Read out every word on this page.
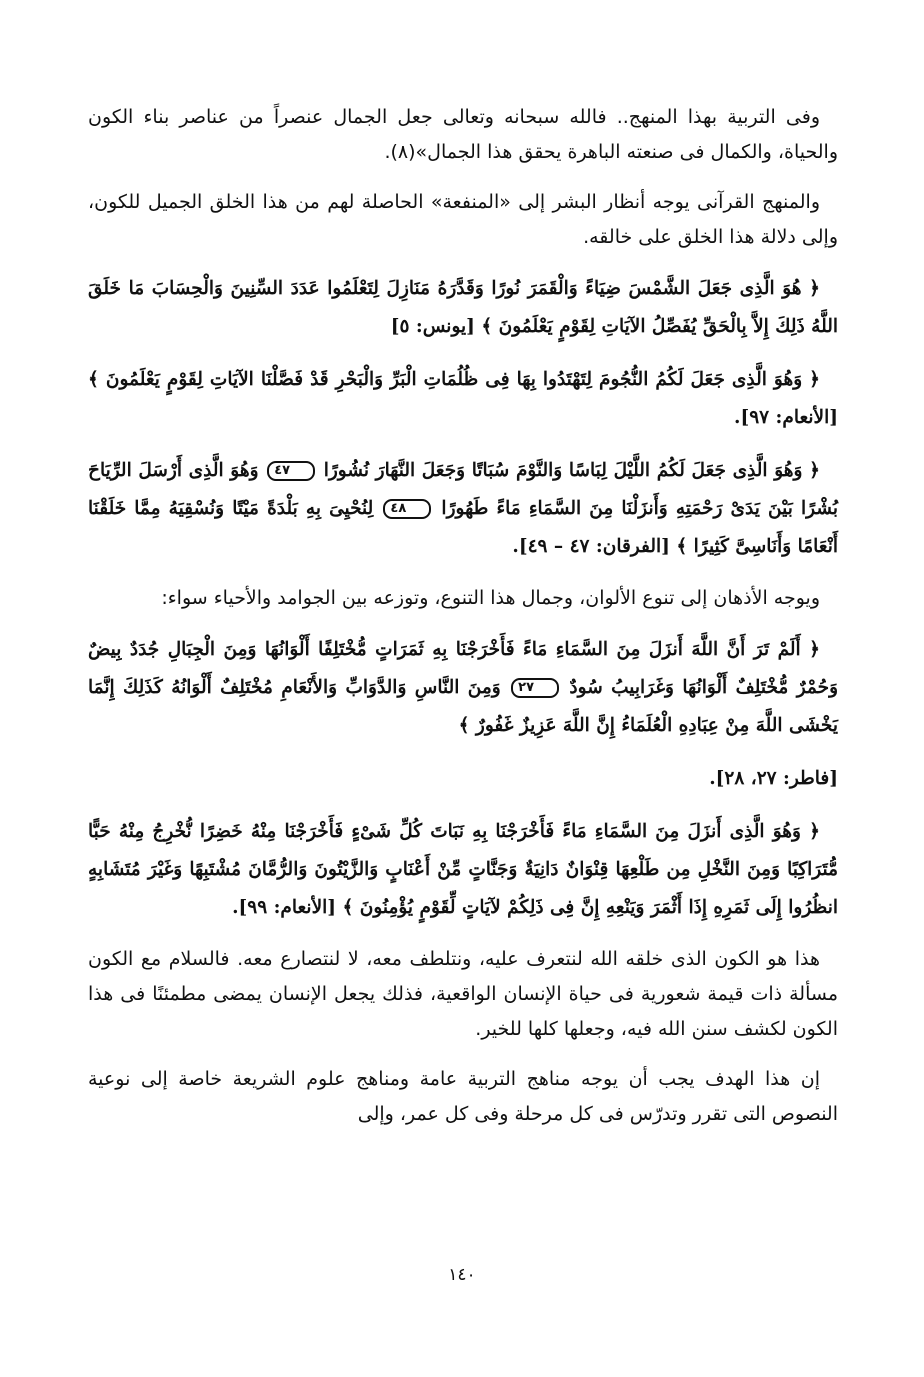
وفى التربية بهذا المنهج.. فالله سبحانه وتعالى جعل الجمال عنصراً من عناصر بناء الكون والحياة، والكمال فى صنعته الباهرة يحقق هذا الجمال»(٨).

والمنهج القرآنى يوجه أنظار البشر إلى «المنفعة» الحاصلة لهم من هذا الخلق الجميل للكون، وإلى دلالة هذا الخلق على خالقه.

﴿ هُوَ الَّذِى جَعَلَ الشَّمْسَ ضِيَاءً وَالْقَمَرَ نُورًا وَقَدَّرَهُ مَنَازِلَ لِتَعْلَمُوا عَدَدَ السِّنِينَ وَالْحِسَابَ مَا خَلَقَ اللَّهُ ذَلِكَ إِلاَّ بِالْحَقِّ يُفَصِّلُ الآيَاتِ لِقَوْمٍ يَعْلَمُونَ ﴾ [يونس: ٥]

﴿ وَهُوَ الَّذِى جَعَلَ لَكُمُ النُّجُومَ لِتَهْتَدُوا بِهَا فِى ظُلُمَاتِ الْبَرِّ وَالْبَحْرِ قَدْ فَصَّلْنَا الآيَاتِ لِقَوْمٍ يَعْلَمُونَ ﴾ [الأنعام: ٩٧].

﴿ وَهُوَ الَّذِى جَعَلَ لَكُمُ اللَّيْلَ لِبَاسًا وَالنَّوْمَ سُبَاتًا وَجَعَلَ النَّهَارَ نُشُورًا ٤٧ وَهُوَ الَّذِى أَرْسَلَ الرِّيَاحَ بُشْرًا بَيْنَ يَدَىْ رَحْمَتِهِ وَأَنزَلْنَا مِنَ السَّمَاءِ مَاءً طَهُورًا ٤٨ لِنُحْيِىَ بِهِ بَلْدَةً مَيْتًا وَنُسْقِيَهُ مِمَّا خَلَقْنَا أَنْعَامًا وَأَنَاسِىَّ كَثِيرًا ﴾ [الفرقان: ٤٧ – ٤٩].

ويوجه الأذهان إلى تنوع الألوان، وجمال هذا التنوع، وتوزعه بين الجوامد والأحياء سواء:

﴿ أَلَمْ تَرَ أَنَّ اللَّهَ أَنزَلَ مِنَ السَّمَاءِ مَاءً فَأَخْرَجْنَا بِهِ ثَمَرَاتٍ مُّخْتَلِفًا أَلْوَانُهَا وَمِنَ الْجِبَالِ جُدَدٌ بِيضٌ وَحُمْرٌ مُّخْتَلِفٌ أَلْوَانُهَا وَغَرَابِيبُ سُودٌ ٢٧ وَمِنَ النَّاسِ وَالدَّوَابِّ وَالأَنْعَامِ مُخْتَلِفٌ أَلْوَانُهُ كَذَلِكَ إِنَّمَا يَخْشَى اللَّهَ مِنْ عِبَادِهِ الْعُلَمَاءُ إِنَّ اللَّهَ عَزِيزٌ غَفُورٌ ﴾

[فاطر: ٢٧، ٢٨].

﴿ وَهُوَ الَّذِى أَنزَلَ مِنَ السَّمَاءِ مَاءً فَأَخْرَجْنَا بِهِ نَبَاتَ كُلِّ شَىْءٍ فَأَخْرَجْنَا مِنْهُ خَضِرًا نُّخْرِجُ مِنْهُ حَبًّا مُّتَرَاكِبًا وَمِنَ النَّخْلِ مِن طَلْعِهَا قِنْوَانٌ دَانِيَةٌ وَجَنَّاتٍ مِّنْ أَعْنَابٍ وَالزَّيْتُونَ وَالرُّمَّانَ مُشْتَبِهًا وَغَيْرَ مُتَشَابِهٍ انظُرُوا إِلَى ثَمَرِهِ إِذَا أَثْمَرَ وَيَنْعِهِ إِنَّ فِى ذَلِكُمْ لآيَاتٍ لِّقَوْمٍ يُؤْمِنُونَ ﴾ [الأنعام: ٩٩].

هذا هو الكون الذى خلقه الله لنتعرف عليه، ونتلطف معه، لا لنتصارع معه. فالسلام مع الكون مسألة ذات قيمة شعورية فى حياة الإنسان الواقعية، فذلك يجعل الإنسان يمضى مطمئنًا فى هذا الكون لكشف سنن الله فيه، وجعلها كلها للخير.

إن هذا الهدف يجب أن يوجه مناهج التربية عامة ومناهج علوم الشريعة خاصة إلى نوعية النصوص التى تقرر وتدرّس فى كل مرحلة وفى كل عمر، وإلى

١٤٠
